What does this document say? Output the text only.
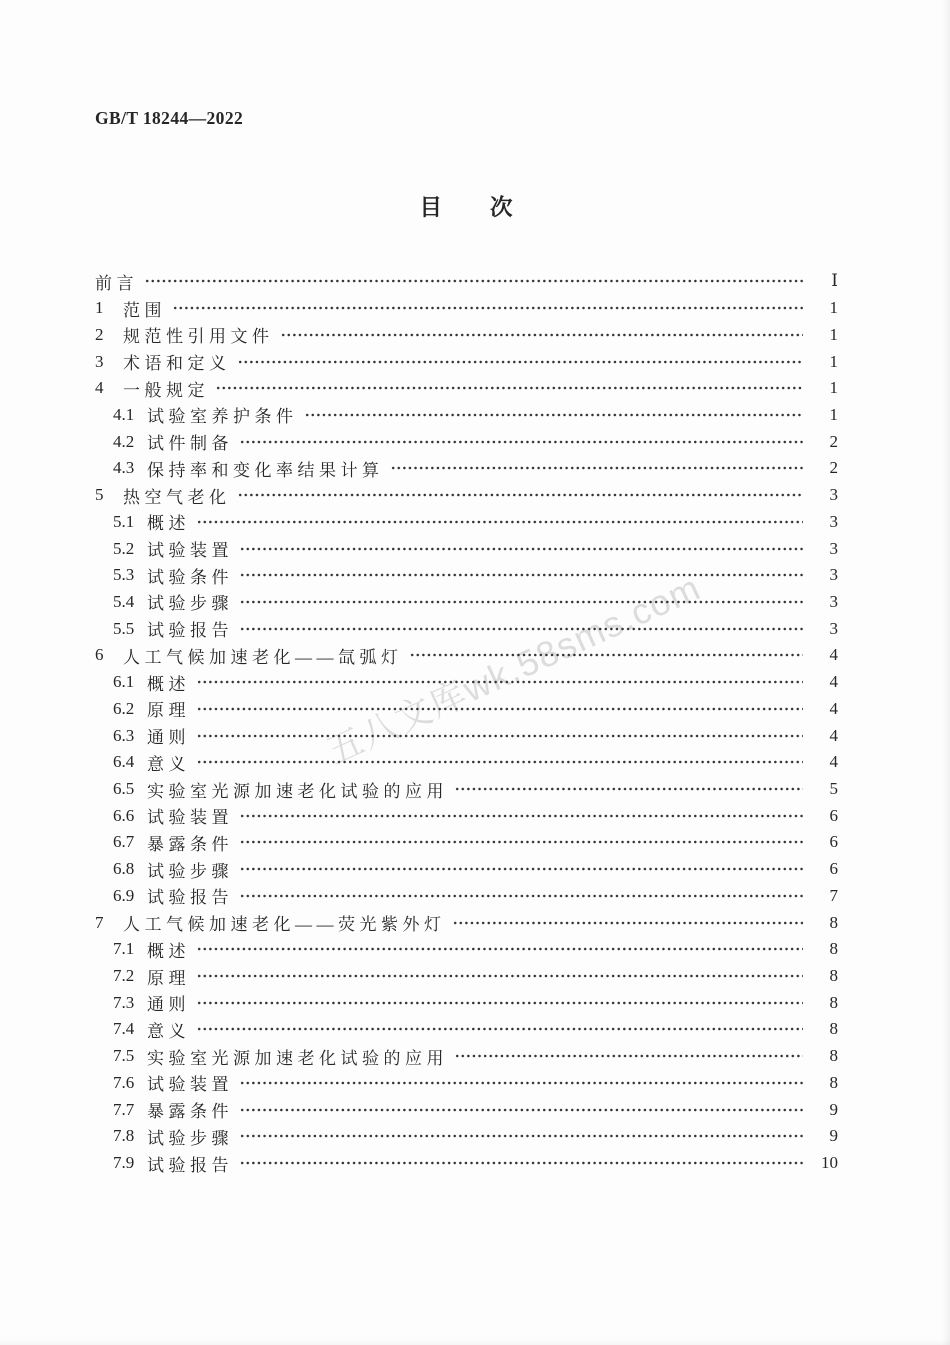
五八文库wk.58sms.com
GB/T 18244—2022
目　　次
前言	Ⅰ
1	范围	1
2	规范性引用文件	1
3	术语和定义	1
4	一般规定	1
4.1 试验室养护条件	1
4.2 试件制备	2
4.3 保持率和变化率结果计算	2
5	热空气老化	3
5.1 概述	3
5.2 试验装置	3
5.3 试验条件	3
5.4 试验步骤	3
5.5 试验报告	3
6	人工气候加速老化——氙弧灯	4
6.1 概述	4
6.2 原理	4
6.3 通则	4
6.4 意义	4
6.5 实验室光源加速老化试验的应用	5
6.6 试验装置	6
6.7 暴露条件	6
6.8 试验步骤	6
6.9 试验报告	7
7	人工气候加速老化——荧光紫外灯	8
7.1 概述	8
7.2 原理	8
7.3 通则	8
7.4 意义	8
7.5 实验室光源加速老化试验的应用	8
7.6 试验装置	8
7.7 暴露条件	9
7.8 试验步骤	9
7.9 试验报告	10
